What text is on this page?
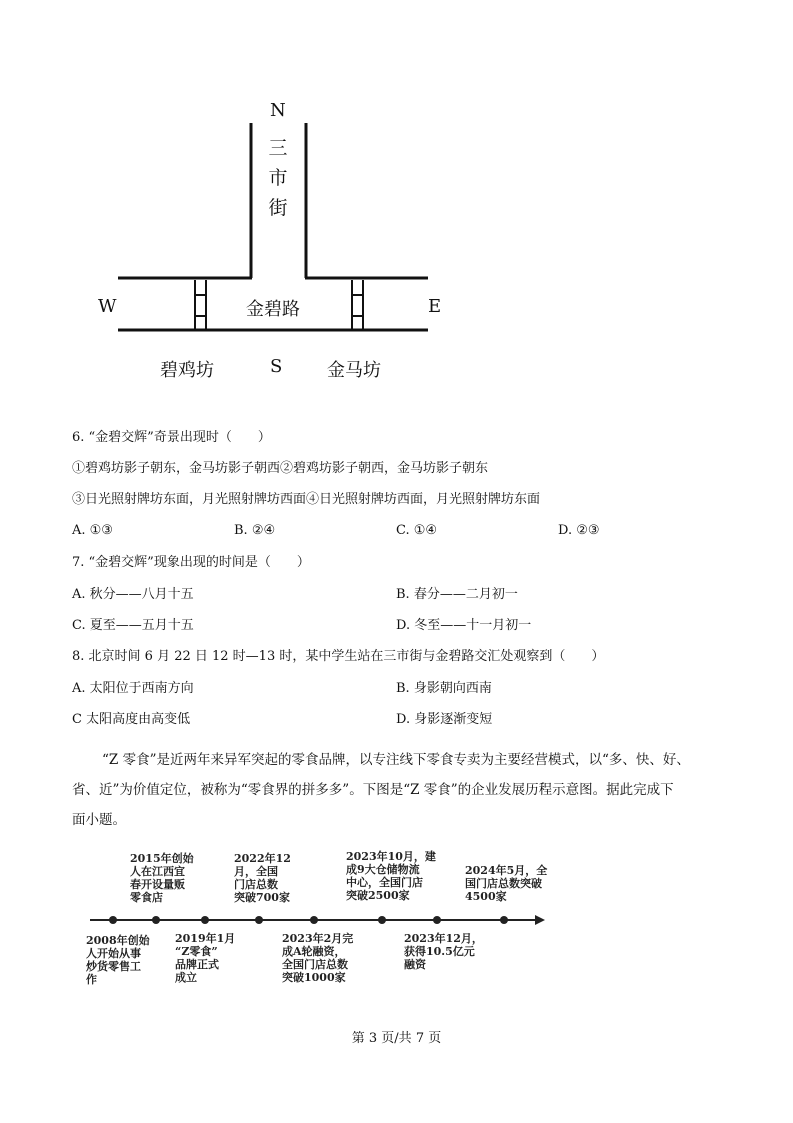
N
三
市
街
W	金碧路	E
碧鸡坊	S 金马坊
6. “金碧交辉”奇景出现时（　　）
①碧鸡坊影子朝东，金马坊影子朝西②碧鸡坊影子朝西，金马坊影子朝东
③日光照射牌坊东面，月光照射牌坊西面④日光照射牌坊西面，月光照射牌坊东面
A. ①③	B. ②④	C. ①④	D. ②③
7. “金碧交辉”现象出现的时间是（　　）
A. 秋分——八月十五	B. 春分——二月初一
C. 夏至——五月十五	D. 冬至——十一月初一
8. 北京时间 6 月 22 日 12 时—13 时，某中学生站在三市街与金碧路交汇处观察到（　　）
A. 太阳位于西南方向	B. 身影朝向西南
C 太阳高度由高变低	D. 身影逐渐变短
“Z 零食”是近两年来异军突起的零食品牌，以专注线下零食专卖为主要经营模式，以“多、快、好、
省、近”为价值定位，被称为“零食界的拼多多”。下图是“Z 零食”的企业发展历程示意图。据此完成下
面小题。
2015年创始
人在江西宜
春开设量贩
零食店
2022年12
月，全国
门店总数
突破700家
2023年10月，建
成9大仓储物流
中心，全国门店
突破2500家
2024年5月，全
国门店总数突破
4500家
2008年创始
人开始从事
炒货零售工
作
2019年1月
“Z零食”
品牌正式
成立
2023年2月完
成A轮融资，
全国门店总数
突破1000家
2023年12月，
获得10.5亿元
融资
第 3 页/共 7 页
